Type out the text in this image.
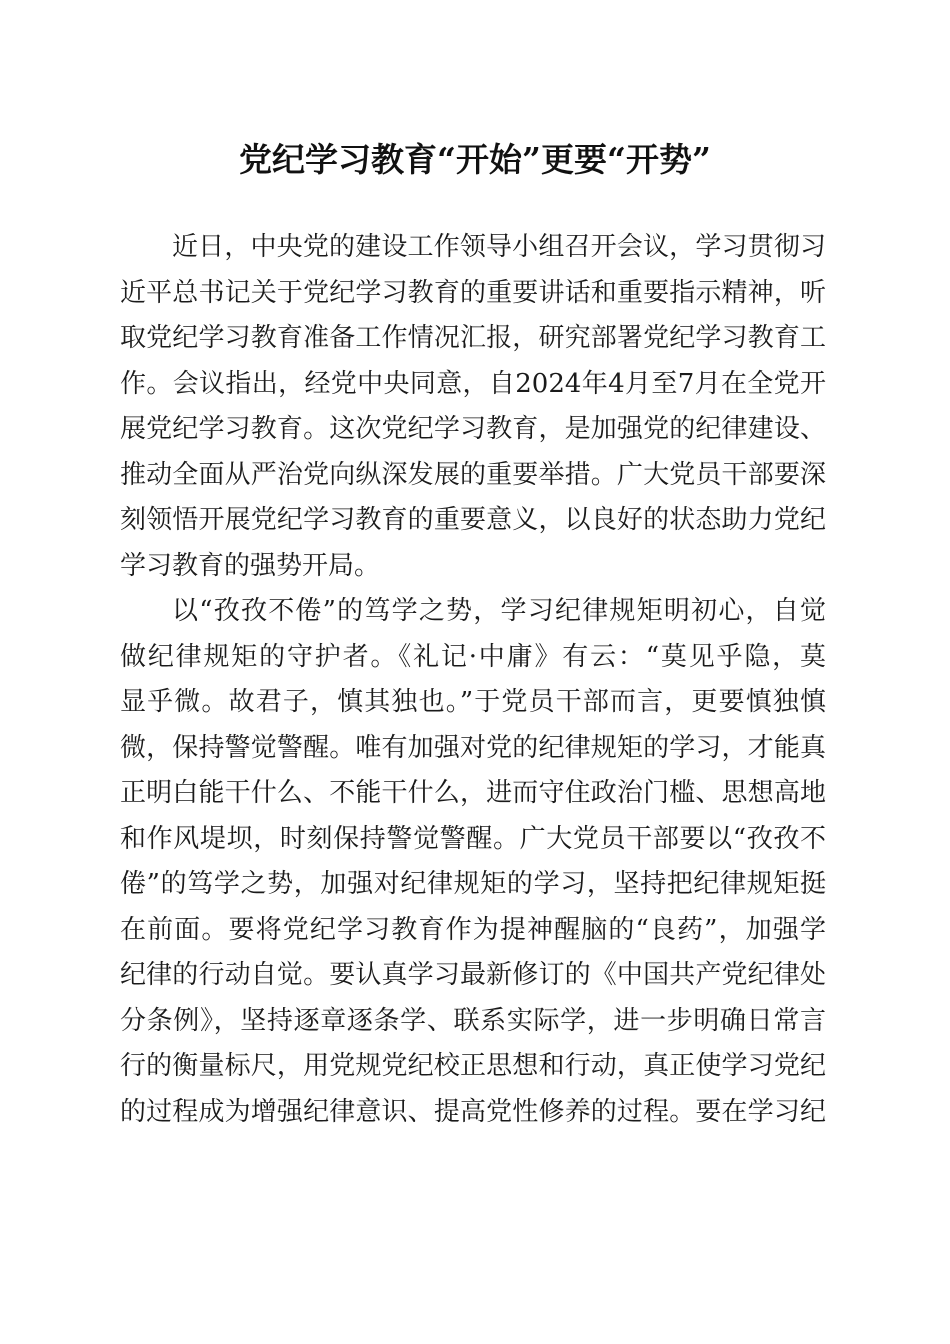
党纪学习教育“开始”更要“开势”
近日，中央党的建设工作领导小组召开会议，学习贯彻习
近平总书记关于党纪学习教育的重要讲话和重要指示精神，听
取党纪学习教育准备工作情况汇报，研究部署党纪学习教育工
作。会议指出，经党中央同意，自2024年4月至7月在全党开
展党纪学习教育。这次党纪学习教育，是加强党的纪律建设、
推动全面从严治党向纵深发展的重要举措。广大党员干部要深
刻领悟开展党纪学习教育的重要意义，以良好的状态助力党纪
学习教育的强势开局。
以“孜孜不倦”的笃学之势，学习纪律规矩明初心，自觉
做纪律规矩的守护者。《礼记·中庸》有云：“莫见乎隐，莫
显乎微。故君子，慎其独也。”于党员干部而言，更要慎独慎
微，保持警觉警醒。唯有加强对党的纪律规矩的学习，才能真
正明白能干什么、不能干什么，进而守住政治门槛、思想高地
和作风堤坝，时刻保持警觉警醒。广大党员干部要以“孜孜不
倦”的笃学之势，加强对纪律规矩的学习，坚持把纪律规矩挺
在前面。要将党纪学习教育作为提神醒脑的“良药”，加强学
纪律的行动自觉。要认真学习最新修订的《中国共产党纪律处
分条例》，坚持逐章逐条学、联系实际学，进一步明确日常言
行的衡量标尺，用党规党纪校正思想和行动，真正使学习党纪
的过程成为增强纪律意识、提高党性修养的过程。要在学习纪
